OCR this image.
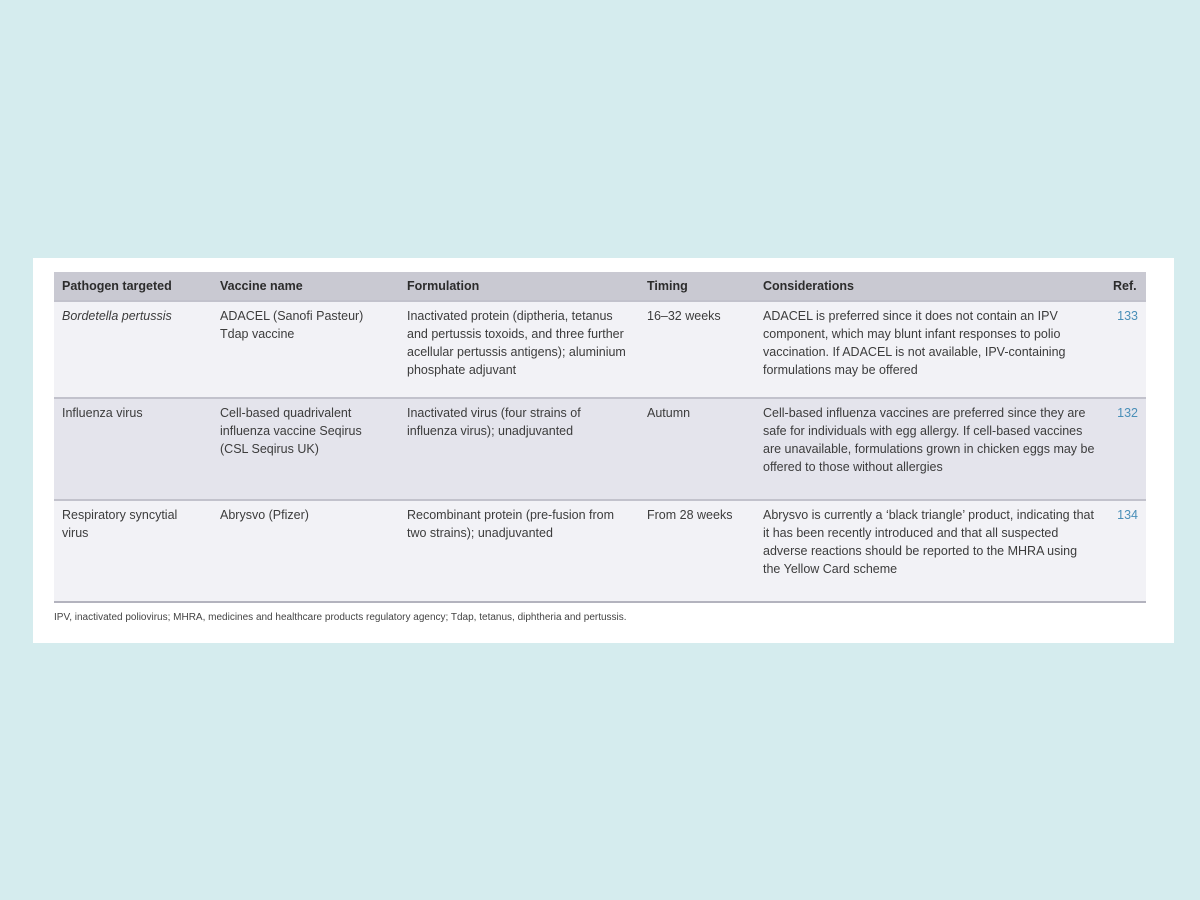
Pathogen targeted	Vaccine name	Formulation	Timing	Considerations	Ref.
Bordetella pertussis	ADACEL (Sanofi Pasteur) Tdap vaccine	Inactivated protein (diptheria, tetanus and pertussis toxoids, and three further acellular pertussis antigens); aluminium phosphate adjuvant	16–32 weeks	ADACEL is preferred since it does not contain an IPV component, which may blunt infant responses to polio vaccination. If ADACEL is not available, IPV-containing formulations may be offered	133
Influenza virus	Cell-based quadrivalent influenza vaccine Seqirus (CSL Seqirus UK)	Inactivated virus (four strains of influenza virus); unadjuvanted	Autumn	Cell-based influenza vaccines are preferred since they are safe for individuals with egg allergy. If cell-based vaccines are unavailable, formulations grown in chicken eggs may be offered to those without allergies	132
Respiratory syncytial virus	Abrysvo (Pfizer)	Recombinant protein (pre-fusion from two strains); unadjuvanted	From 28 weeks	Abrysvo is currently a ‘black triangle’ product, indicating that it has been recently introduced and that all suspected adverse reactions should be reported to the MHRA using the Yellow Card scheme	134
IPV, inactivated poliovirus; MHRA, medicines and healthcare products regulatory agency; Tdap, tetanus, diphtheria and pertussis.
